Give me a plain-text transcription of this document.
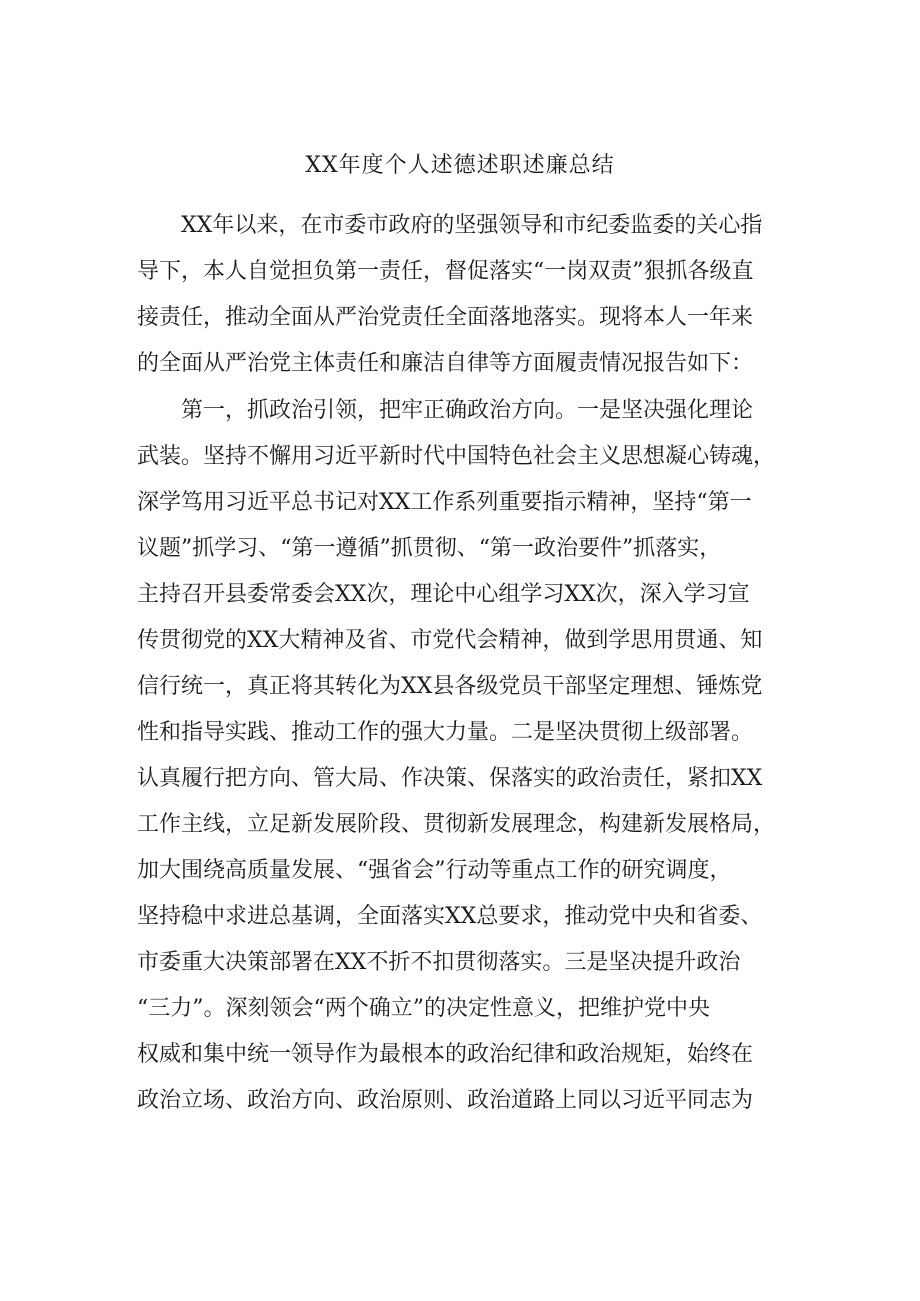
XX年度个人述德述职述廉总结
XX年以来，在市委市政府的坚强领导和市纪委监委的关心指
导下，本人自觉担负第一责任，督促落实“一岗双责”狠抓各级直
接责任，推动全面从严治党责任全面落地落实。现将本人一年来
的全面从严治党主体责任和廉洁自律等方面履责情况报告如下：
第一，抓政治引领，把牢正确政治方向。一是坚决强化理论
武装。坚持不懈用习近平新时代中国特色社会主义思想凝心铸魂，
深学笃用习近平总书记对XX工作系列重要指示精神，坚持“第一
议题”抓学习、“第一遵循”抓贯彻、“第一政治要件”抓落实，
主持召开县委常委会XX次，理论中心组学习XX次，深入学习宣
传贯彻党的XX大精神及省、市党代会精神，做到学思用贯通、知
信行统一，真正将其转化为XX县各级党员干部坚定理想、锤炼党
性和指导实践、推动工作的强大力量。二是坚决贯彻上级部署。
认真履行把方向、管大局、作决策、保落实的政治责任，紧扣XX
工作主线，立足新发展阶段、贯彻新发展理念，构建新发展格局，
加大围绕高质量发展、“强省会”行动等重点工作的研究调度，
坚持稳中求进总基调，全面落实XX总要求，推动党中央和省委、
市委重大决策部署在XX不折不扣贯彻落实。三是坚决提升政治
“三力”。深刻领会“两个确立”的决定性意义，把维护党中央
权威和集中统一领导作为最根本的政治纪律和政治规矩，始终在
政治立场、政治方向、政治原则、政治道路上同以习近平同志为
